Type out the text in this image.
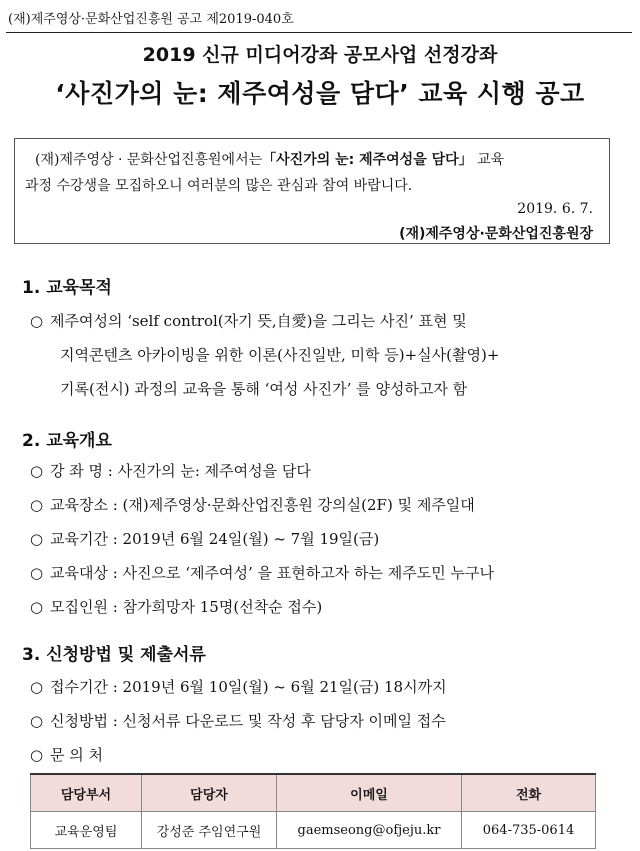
(재)제주영상·문화산업진흥원 공고 제2019-040호
2019 신규 미디어강좌 공모사업 선정강좌
‘사진가의 눈: 제주여성을 담다’ 교육 시행 공고
(재)제주영상 · 문화산업진흥원에서는「사진가의 눈: 제주여성을 담다」 교육
과정 수강생을 모집하오니 여러분의 많은 관심과 참여 바랍니다.
2019. 6. 7.
(재)제주영상·문화산업진흥원장
1. 교육목적
○ 제주여성의 ‘self control(자기 뜻,自愛)을 그리는 사진’ 표현 및
지역콘텐츠 아카이빙을 위한 이론(사진일반, 미학 등)+실사(촬영)+
기록(전시) 과정의 교육을 통해 ‘여성 사진가’ 를 양성하고자 함
2. 교육개요
○ 강 좌 명 : 사진가의 눈: 제주여성을 담다
○ 교육장소 : (재)제주영상·문화산업진흥원 강의실(2F) 및 제주일대
○ 교육기간 : 2019년 6월 24일(월) ~ 7월 19일(금)
○ 교육대상 : 사진으로 ‘제주여성’ 을 표현하고자 하는 제주도민 누구나
○ 모집인원 : 참가희망자 15명(선착순 접수)
3. 신청방법 및 제출서류
○ 접수기간 : 2019년 6월 10일(월) ~ 6월 21일(금) 18시까지
○ 신청방법 : 신청서류 다운로드 및 작성 후 담당자 이메일 접수
○ 문 의 처
담당부서	담당자	이메일	전화
교육운영팀	강성준 주임연구원	gaemseong@ofjeju.kr	064-735-0614
